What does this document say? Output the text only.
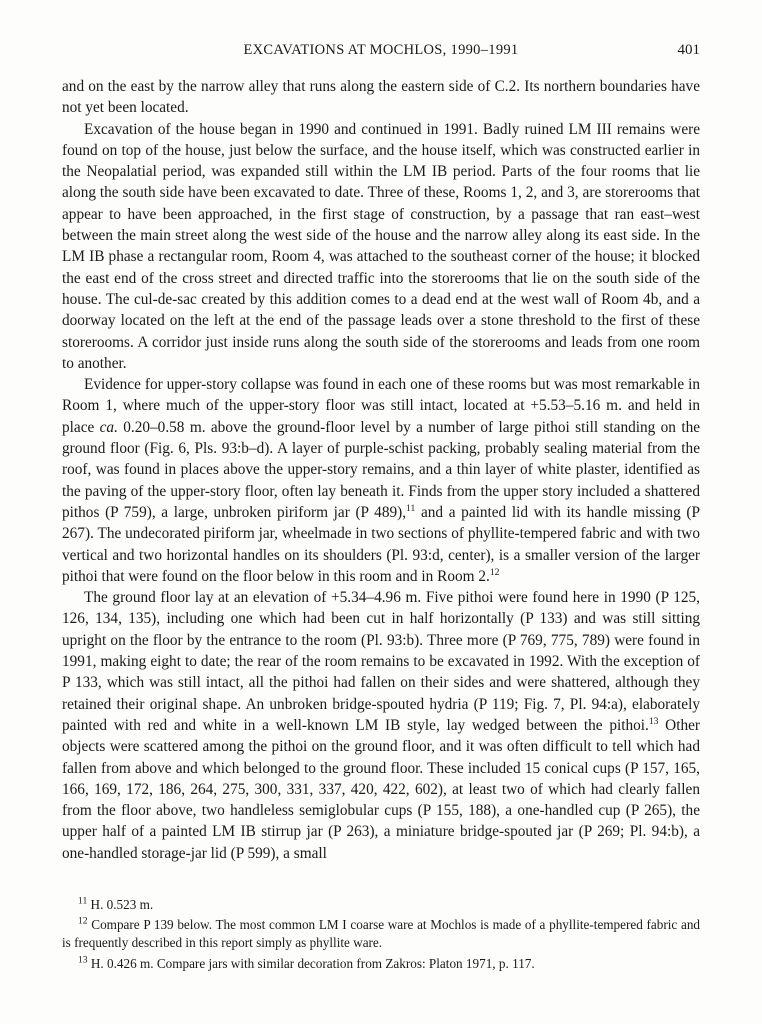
EXCAVATIONS AT MOCHLOS, 1990–1991	401

and on the east by the narrow alley that runs along the eastern side of C.2. Its northern boundaries have not yet been located.

Excavation of the house began in 1990 and continued in 1991. Badly ruined LM III remains were found on top of the house, just below the surface, and the house itself, which was constructed earlier in the Neopalatial period, was expanded still within the LM IB period. Parts of the four rooms that lie along the south side have been excavated to date. Three of these, Rooms 1, 2, and 3, are storerooms that appear to have been approached, in the first stage of construction, by a passage that ran east–west between the main street along the west side of the house and the narrow alley along its east side. In the LM IB phase a rectangular room, Room 4, was attached to the southeast corner of the house; it blocked the east end of the cross street and directed traffic into the storerooms that lie on the south side of the house. The cul-de-sac created by this addition comes to a dead end at the west wall of Room 4b, and a doorway located on the left at the end of the passage leads over a stone threshold to the first of these storerooms. A corridor just inside runs along the south side of the storerooms and leads from one room to another.

Evidence for upper-story collapse was found in each one of these rooms but was most remarkable in Room 1, where much of the upper-story floor was still intact, located at +5.53–5.16 m. and held in place ca. 0.20–0.58 m. above the ground-floor level by a number of large pithoi still standing on the ground floor (Fig. 6, Pls. 93:b–d). A layer of purple-schist packing, probably sealing material from the roof, was found in places above the upper-story remains, and a thin layer of white plaster, identified as the paving of the upper-story floor, often lay beneath it. Finds from the upper story included a shattered pithos (P 759), a large, unbroken piriform jar (P 489),$^{11}$ and a painted lid with its handle missing (P 267). The undecorated piriform jar, wheelmade in two sections of phyllite-tempered fabric and with two vertical and two horizontal handles on its shoulders (Pl. 93:d, center), is a smaller version of the larger pithoi that were found on the floor below in this room and in Room 2.12

The ground floor lay at an elevation of +5.34–4.96 m. Five pithoi were found here in 1990 (P 125, 126, 134, 135), including one which had been cut in half horizontally (P 133) and was still sitting upright on the floor by the entrance to the room (Pl. 93:b). Three more (P 769, 775, 789) were found in 1991, making eight to date; the rear of the room remains to be excavated in 1992. With the exception of P 133, which was still intact, all the pithoi had fallen on their sides and were shattered, although they retained their original shape. An unbroken bridge-spouted hydria (P 119; Fig. 7, Pl. 94:a), elaborately painted with red and white in a well-known LM IB style, lay wedged between the pithoi.$^{13}$ Other objects were scattered among the pithoi on the ground floor, and it was often difficult to tell which had fallen from above and which belonged to the ground floor. These included 15 conical cups (P 157, 165, 166, 169, 172, 186, 264, 275, 300, 331, 337, 420, 422, 602), at least two of which had clearly fallen from the floor above, two handleless semiglobular cups (P 155, 188), a one-handled cup (P 265), the upper half of a painted LM IB stirrup jar (P 263), a miniature bridge-spouted jar (P 269; Pl. 94:b), a one-handled storage-jar lid (P 599), a small

$^{11}$ H. 0.523 m.

$^{12}$ Compare P 139 below. The most common LM I coarse ware at Mochlos is made of a phyllite-tempered fabric and is frequently described in this report simply as phyllite ware.

$^{13}$ H. 0.426 m. Compare jars with similar decoration from Zakros: Platon 1971, p. 117.
